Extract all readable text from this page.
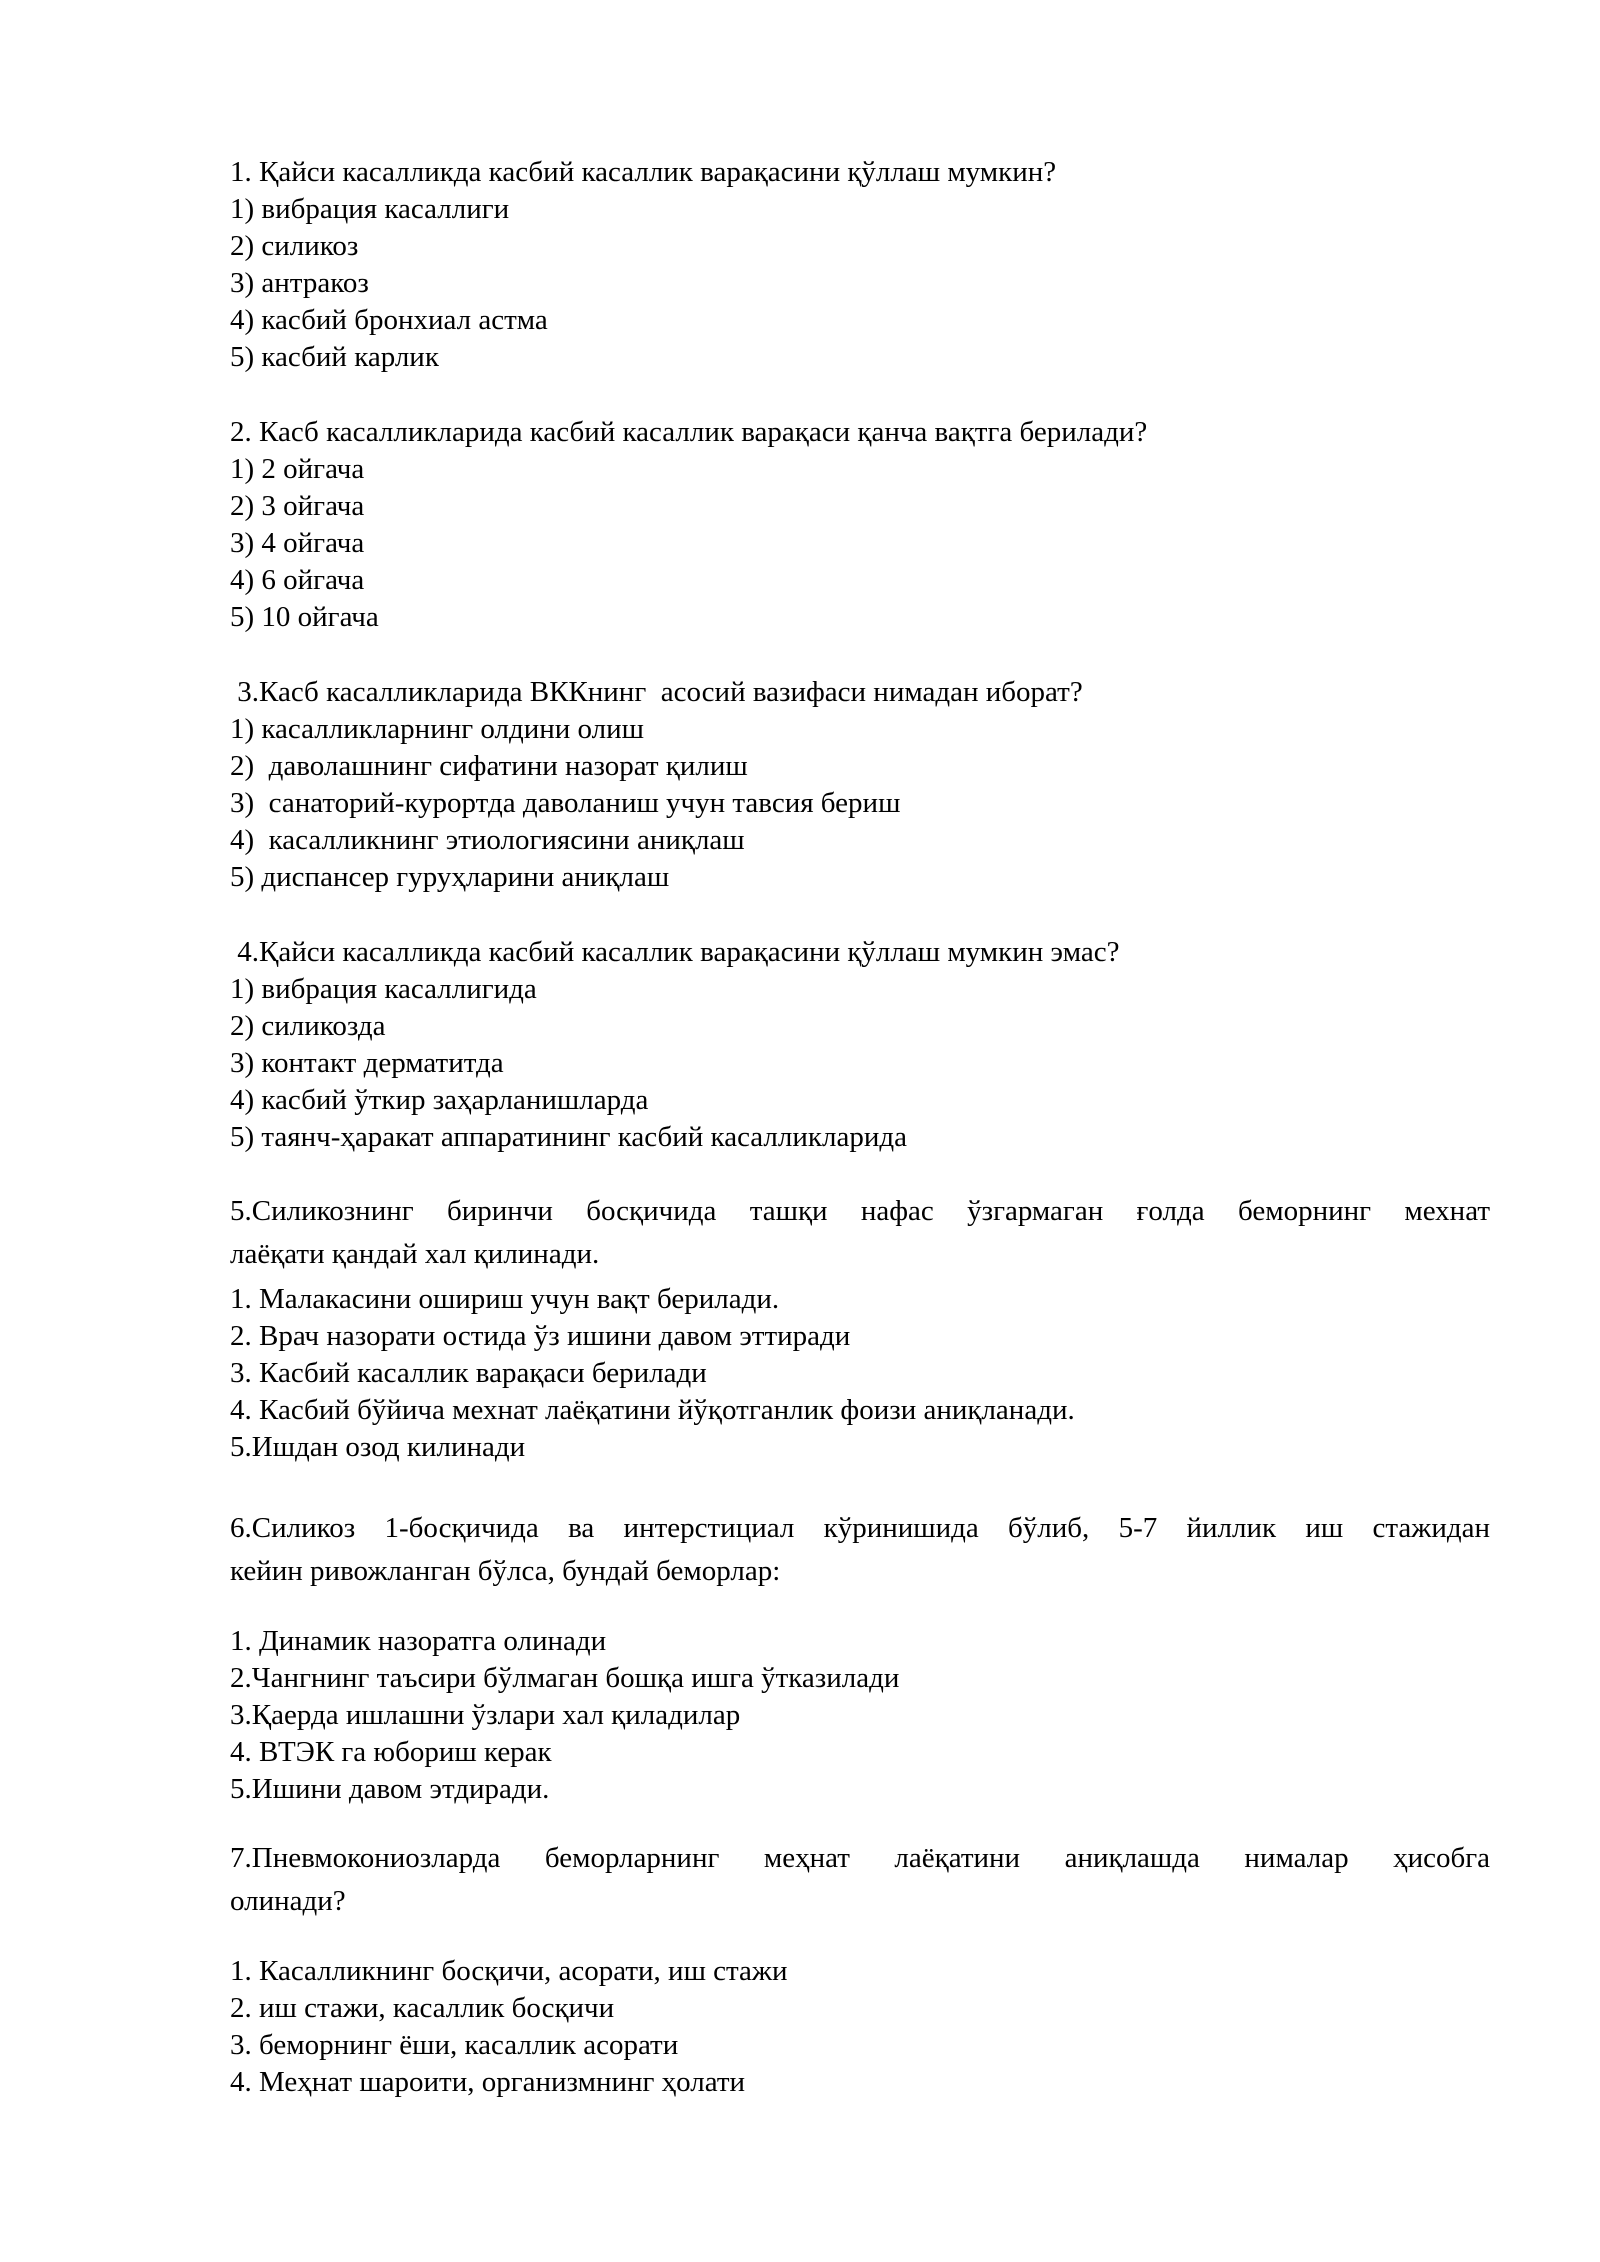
1. Қайси касалликда касбий касаллик варақасини қўллаш мумкин?
1) вибрация касаллиги
2) силикоз
3) антракоз
4) касбий бронхиал астма
5) касбий карлик
2. Касб касалликларида касбий касаллик варақаси қанча вақтга берилади?
1) 2 ойгача
2) 3 ойгача
3) 4 ойгача
4) 6 ойгача
5) 10 ойгача
3.Касб касалликларида ВККнинг  асосий вазифаси нимадан иборат?
1) касалликларнинг олдини олиш
2)  даволашнинг сифатини назорат қилиш
3)  санаторий-курортда даволаниш учун тавсия бериш
4)  касалликнинг этиологиясини аниқлаш
5) диспансер гуруҳларини аниқлаш
4.Қайси касалликда касбий касаллик варақасини қўллаш мумкин эмас?
1) вибрация касаллигида
2) силикозда
3) контакт дерматитда
4) касбий ўткир заҳарланишларда
5) таянч-ҳаракат аппаратининг касбий касалликларида
5.Силикознинг биринчи босқичида ташқи нафас ўзгармаган ғолда беморнинг мехнат
лаёқати қандай хал қилинади.
1. Малакасини ошириш учун вақт берилади.
2. Врач назорати остида ўз ишини давом эттиради
3. Касбий касаллик варақаси берилади
4. Касбий бўйича мехнат лаёқатини йўқотганлик фоизи аниқланади.
5.Ишдан озод килинади
6.Силикоз 1-босқичида ва интерстициал кўринишида бўлиб, 5-7 йиллик иш стажидан
кейин ривожланган бўлса, бундай беморлар:
1. Динамик назоратга олинади
2.Чангнинг таъсири бўлмаган бошқа ишга ўтказилади
3.Қаерда ишлашни ўзлари хал қиладилар
4. ВТЭК га юбориш керак
5.Ишини давом этдиради.
7.Пневмокониозларда беморларнинг меҳнат лаёқатини аниқлашда нималар ҳисобга
олинади?
1. Касалликнинг босқичи, асорати, иш стажи
2. иш стажи, касаллик босқичи
3. беморнинг ёши, касаллик асорати
4. Меҳнат шароити, организмнинг ҳолати
